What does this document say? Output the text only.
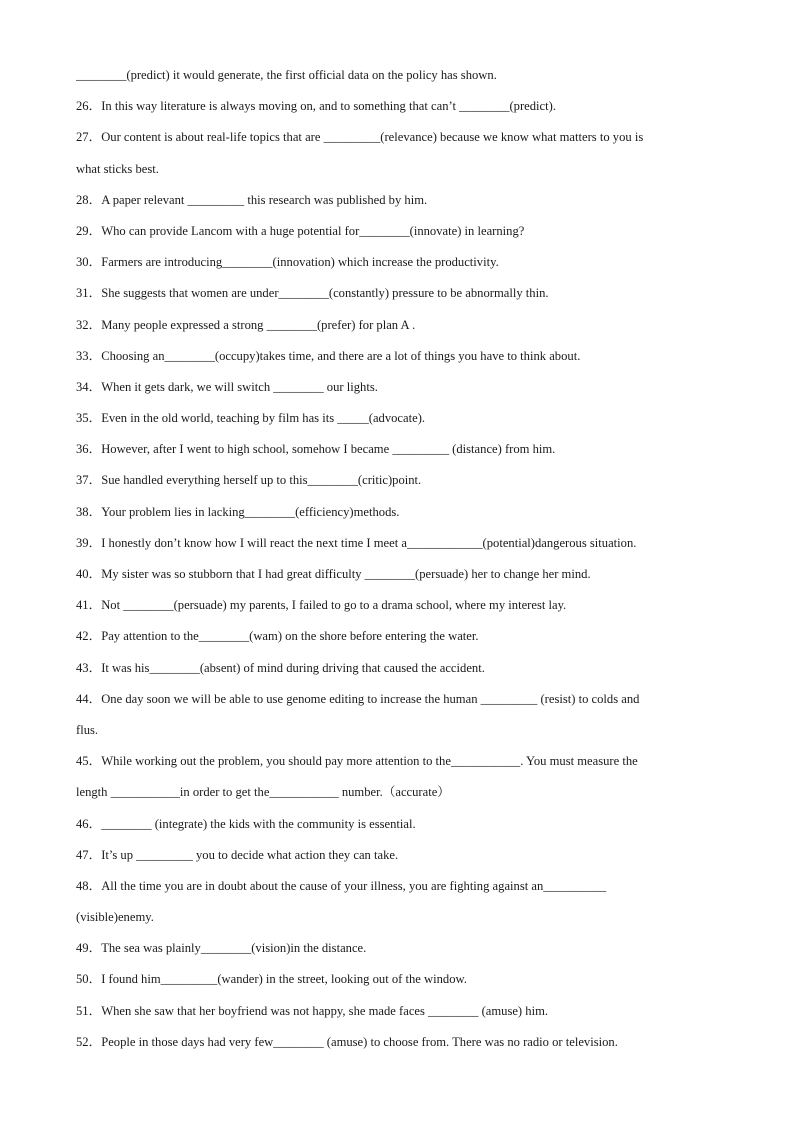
________(predict) it would generate, the first official data on the policy has shown.
26．In this way literature is always moving on, and to something that can’t ________(predict).
27．Our content is about real-life topics that are _________(relevance) because we know what matters to you is
what sticks best.
28．A paper relevant _________ this research was published by him.
29．Who can provide Lancom with a huge potential for________(innovate) in learning?
30．Farmers are introducing________(innovation) which increase the productivity.
31．She suggests that women are under________(constantly) pressure to be abnormally thin.
32．Many people expressed a strong ________(prefer) for plan A .
33．Choosing an________(occupy)takes time, and there are a lot of things you have to think about.
34．When it gets dark, we will switch ________ our lights.
35．Even in the old world, teaching by film has its _____(advocate).
36．However, after I went to high school, somehow I became _________ (distance) from him.
37．Sue handled everything herself up to this________(critic)point.
38．Your problem lies in lacking________(efficiency)methods.
39．I honestly don’t know how I will react the next time I meet a____________(potential)dangerous situation.
40．My sister was so stubborn that I had great difficulty ________(persuade) her to change her mind.
41．Not ________(persuade) my parents, I failed to go to a drama school, where my interest lay.
42．Pay attention to the________(wam) on the shore before entering the water.
43．It was his________(absent) of mind during driving that caused the accident.
44．One day soon we will be able to use genome editing to increase the human _________ (resist) to colds and
flus.
45．While working out the problem, you should pay more attention to the___________. You must measure the
length ___________in order to get the___________ number.（accurate）
46．________ (integrate) the kids with the community is essential.
47．It’s up _________ you to decide what action they can take.
48．All the time you are in doubt about the cause of your illness, you are fighting against an__________
(visible)enemy.
49．The sea was plainly________(vision)in the distance.
50．I found him_________(wander) in the street, looking out of the window.
51．When she saw that her boyfriend was not happy, she made faces ________ (amuse) him.
52．People in those days had very few________ (amuse) to choose from. There was no radio or television.
